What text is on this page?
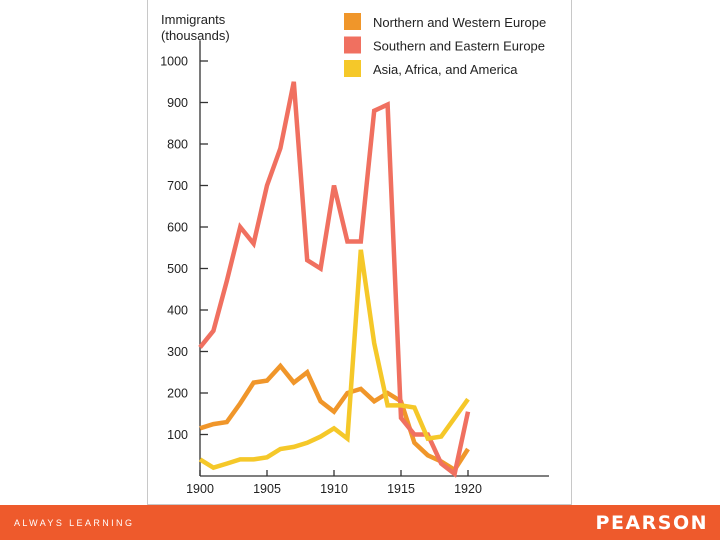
100
200
300
400
500
600
700
800
900
1000
1900	1905	1910	1915	1920
Immigrants
(thousands)
Northern and Western Europe
Southern and Eastern Europe
Asia, Africa, and America
ALWAYS LEARNING	PEARSON
